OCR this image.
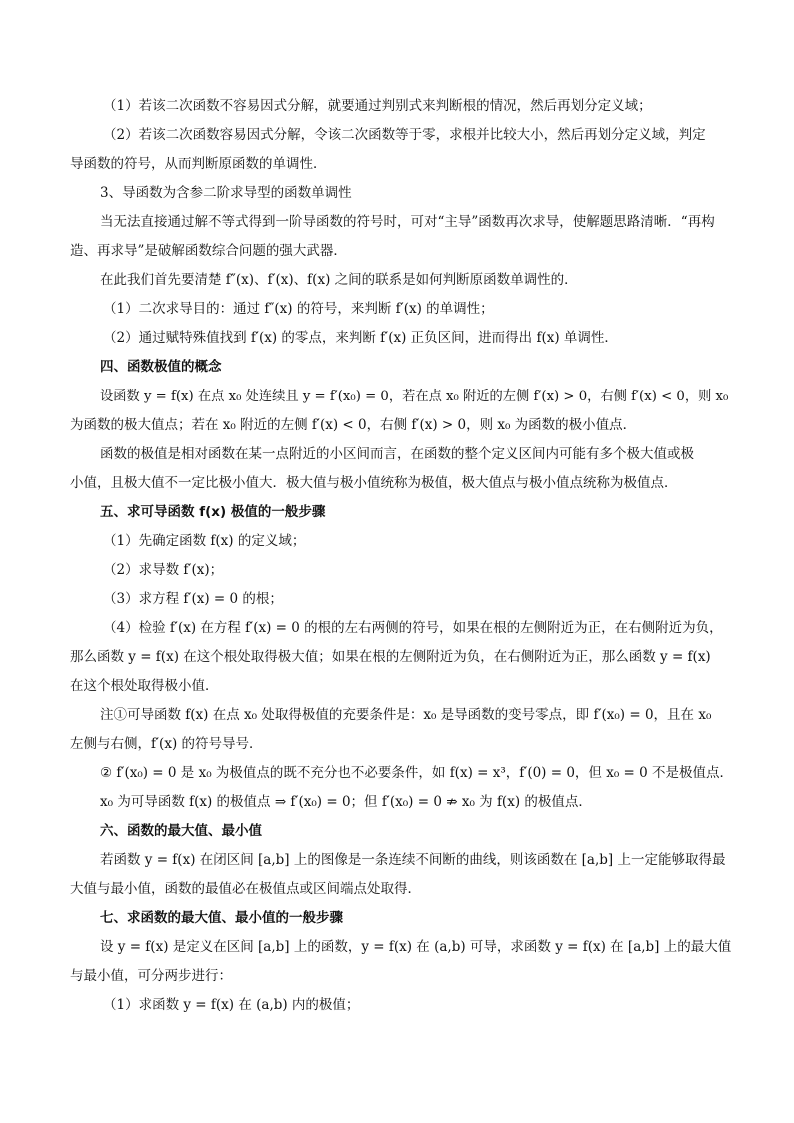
（1）若该二次函数不容易因式分解，就要通过判别式来判断根的情况，然后再划分定义域；

（2）若该二次函数容易因式分解，令该二次函数等于零，求根并比较大小，然后再划分定义域，判定

导函数的符号，从而判断原函数的单调性．

3、导函数为含参二阶求导型的函数单调性

当无法直接通过解不等式得到一阶导函数的符号时，可对“主导”函数再次求导，使解题思路清晰．“再构

造、再求导”是破解函数综合问题的强大武器．

在此我们首先要清楚 f″(x)、f′(x)、f(x) 之间的联系是如何判断原函数单调性的．

（1）二次求导目的：通过 f″(x) 的符号，来判断 f′(x) 的单调性；

（2）通过赋特殊值找到 f′(x) 的零点，来判断 f′(x) 正负区间，进而得出 f(x) 单调性．

四、函数极值的概念

设函数 y = f(x) 在点 x₀ 处连续且 y = f′(x₀) = 0，若在点 x₀ 附近的左侧 f′(x) > 0，右侧 f′(x) < 0，则 x₀

为函数的极大值点；若在 x₀ 附近的左侧 f′(x) < 0，右侧 f′(x) > 0，则 x₀ 为函数的极小值点．

函数的极值是相对函数在某一点附近的小区间而言，在函数的整个定义区间内可能有多个极大值或极

小值，且极大值不一定比极小值大．极大值与极小值统称为极值，极大值点与极小值点统称为极值点．

五、求可导函数 f(x) 极值的一般步骤

（1）先确定函数 f(x) 的定义域；

（2）求导数 f′(x)；

（3）求方程 f′(x) = 0 的根；

（4）检验 f′(x) 在方程 f′(x) = 0 的根的左右两侧的符号，如果在根的左侧附近为正，在右侧附近为负，

那么函数 y = f(x) 在这个根处取得极大值；如果在根的左侧附近为负，在右侧附近为正，那么函数 y = f(x)

在这个根处取得极小值．

注①可导函数 f(x) 在点 x₀ 处取得极值的充要条件是：x₀ 是导函数的变号零点，即 f′(x₀) = 0，且在 x₀

左侧与右侧，f′(x) 的符号导号．

② f′(x₀) = 0 是 x₀ 为极值点的既不充分也不必要条件，如 f(x) = x³，f′(0) = 0，但 x₀ = 0 不是极值点．

x₀ 为可导函数 f(x) 的极值点 ⇒ f′(x₀) = 0；但 f′(x₀) = 0 ⇏ x₀ 为 f(x) 的极值点．

六、函数的最大值、最小值

若函数 y = f(x) 在闭区间 [a,b] 上的图像是一条连续不间断的曲线，则该函数在 [a,b] 上一定能够取得最

大值与最小值，函数的最值必在极值点或区间端点处取得．

七、求函数的最大值、最小值的一般步骤

设 y = f(x) 是定义在区间 [a,b] 上的函数，y = f(x) 在 (a,b) 可导，求函数 y = f(x) 在 [a,b] 上的最大值

与最小值，可分两步进行：

（1）求函数 y = f(x) 在 (a,b) 内的极值；
